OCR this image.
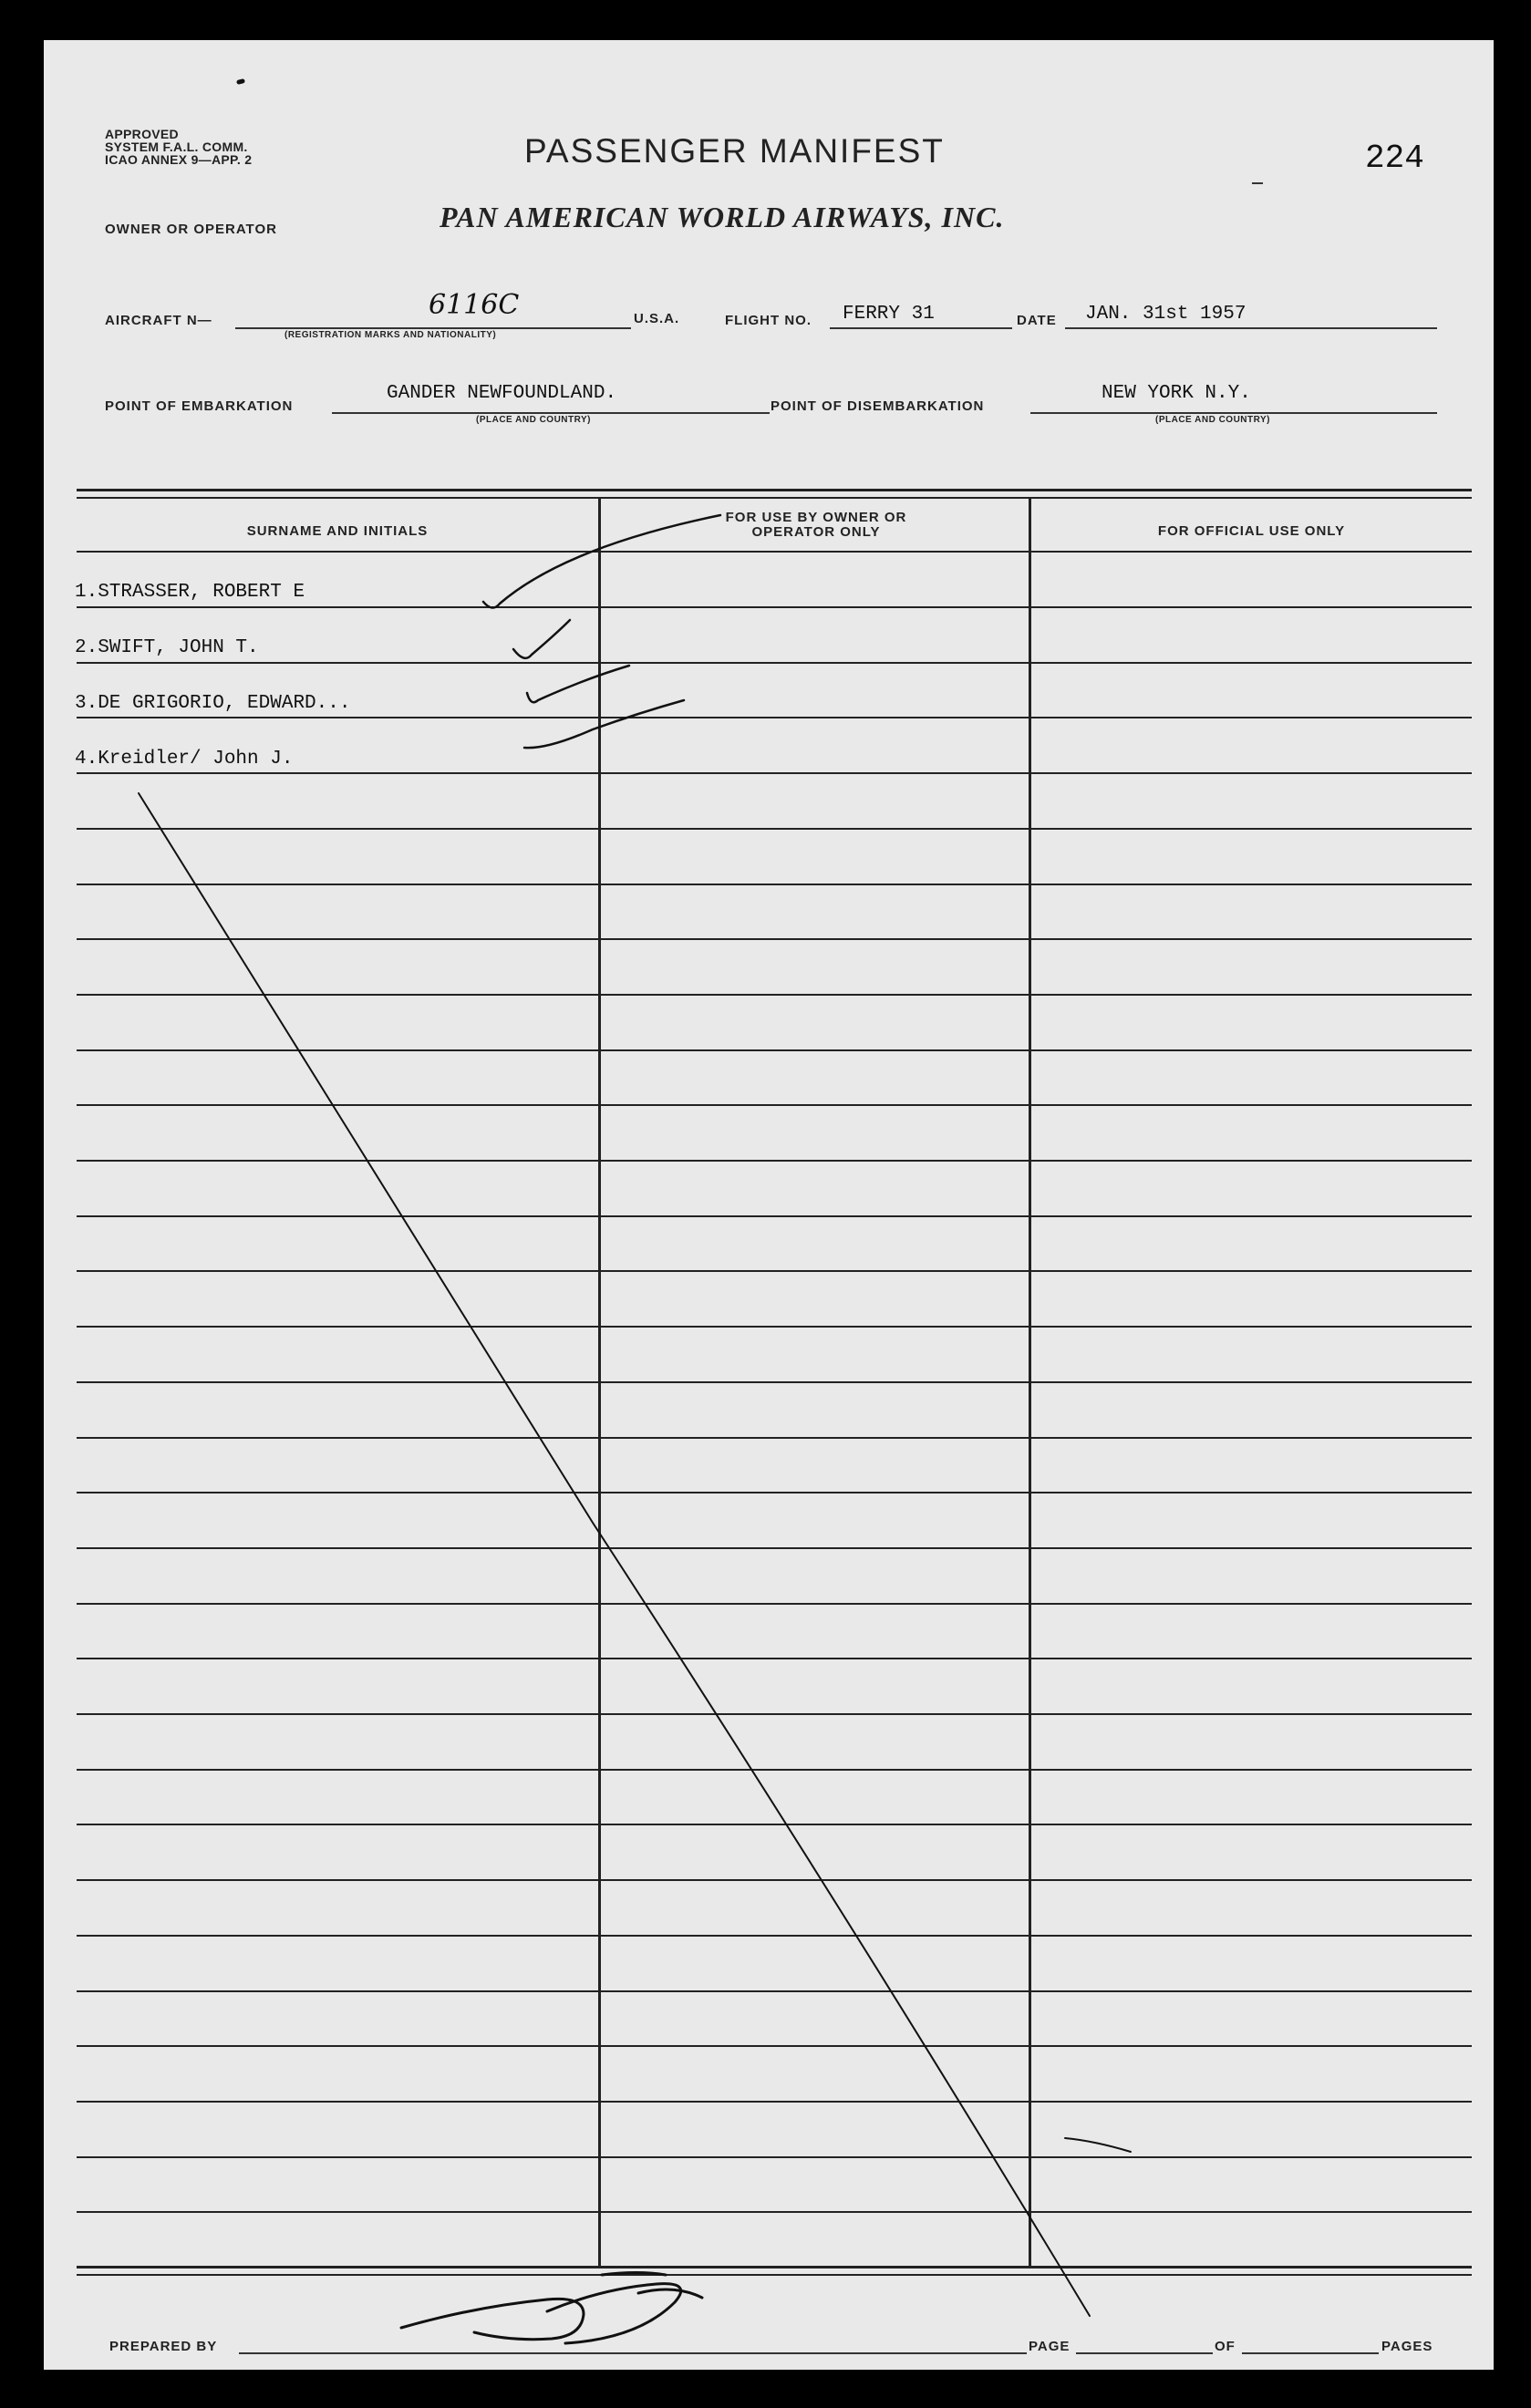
APPROVED
SYSTEM F.A.L. COMM.
ICAO ANNEX 9—APP. 2	PASSENGER MANIFEST	224
OWNER OR OPERATOR	PAN AMERICAN WORLD AIRWAYS, INC.
AIRCRAFT N—	6116C
(REGISTRATION MARKS AND NATIONALITY)
U.S.A.	FLIGHT NO. FERRY 31	DATE JAN. 31st 1957
POINT OF EMBARKATION
GANDER NEWFOUNDLAND.
(PLACE AND COUNTRY)
POINT OF DISEMBARKATION
NEW YORK N.Y.
(PLACE AND COUNTRY)
SURNAME AND INITIALS
FOR USE BY OWNER OR OPERATOR ONLY	FOR OFFICIAL USE ONLY
1.STRASSER, ROBERT E
2.SWIFT, JOHN T.
3.DE GRIGORIO, EDWARD...
4.Kreidler/ John J.
PREPARED BY	PAGE	OF	PAGES
